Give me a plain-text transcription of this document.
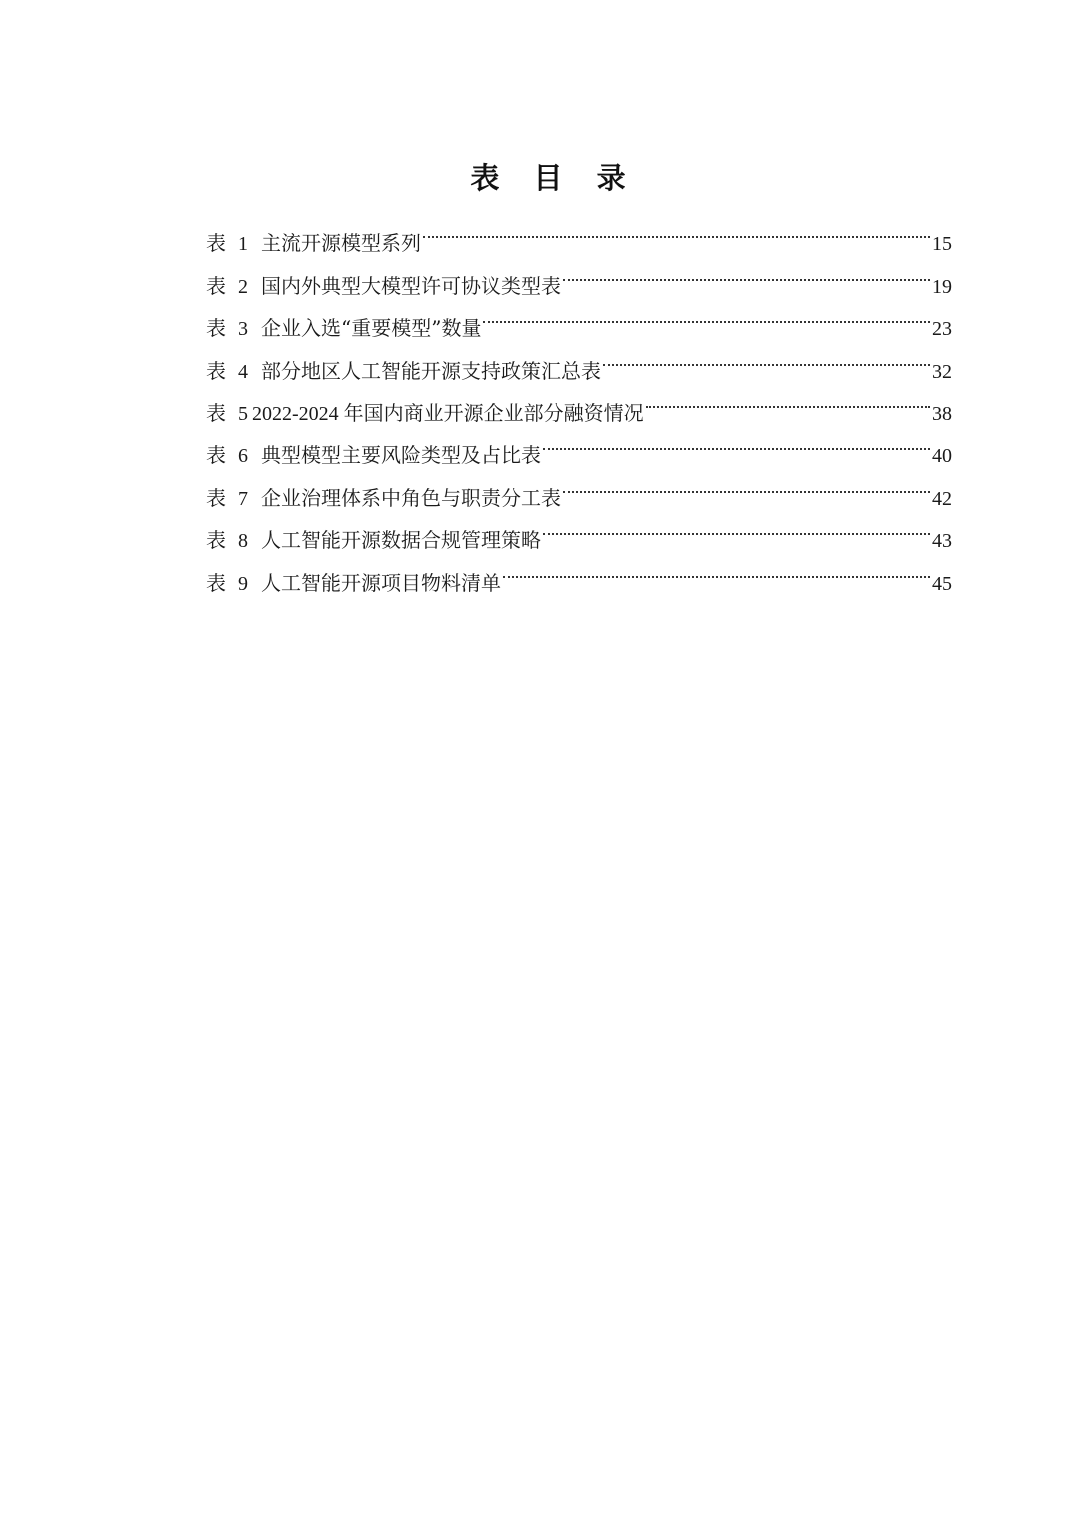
表 目 录
表 1 主流开源模型系列	15
表 2 国内外典型大模型许可协议类型表	19
表 3 企业入选“重要模型”数量	23
表 4 部分地区人工智能开源支持政策汇总表	32
表 5 2022-2024 年国内商业开源企业部分融资情况	38
表 6 典型模型主要风险类型及占比表	40
表 7 企业治理体系中角色与职责分工表	42
表 8 人工智能开源数据合规管理策略	43
表 9 人工智能开源项目物料清单	45
